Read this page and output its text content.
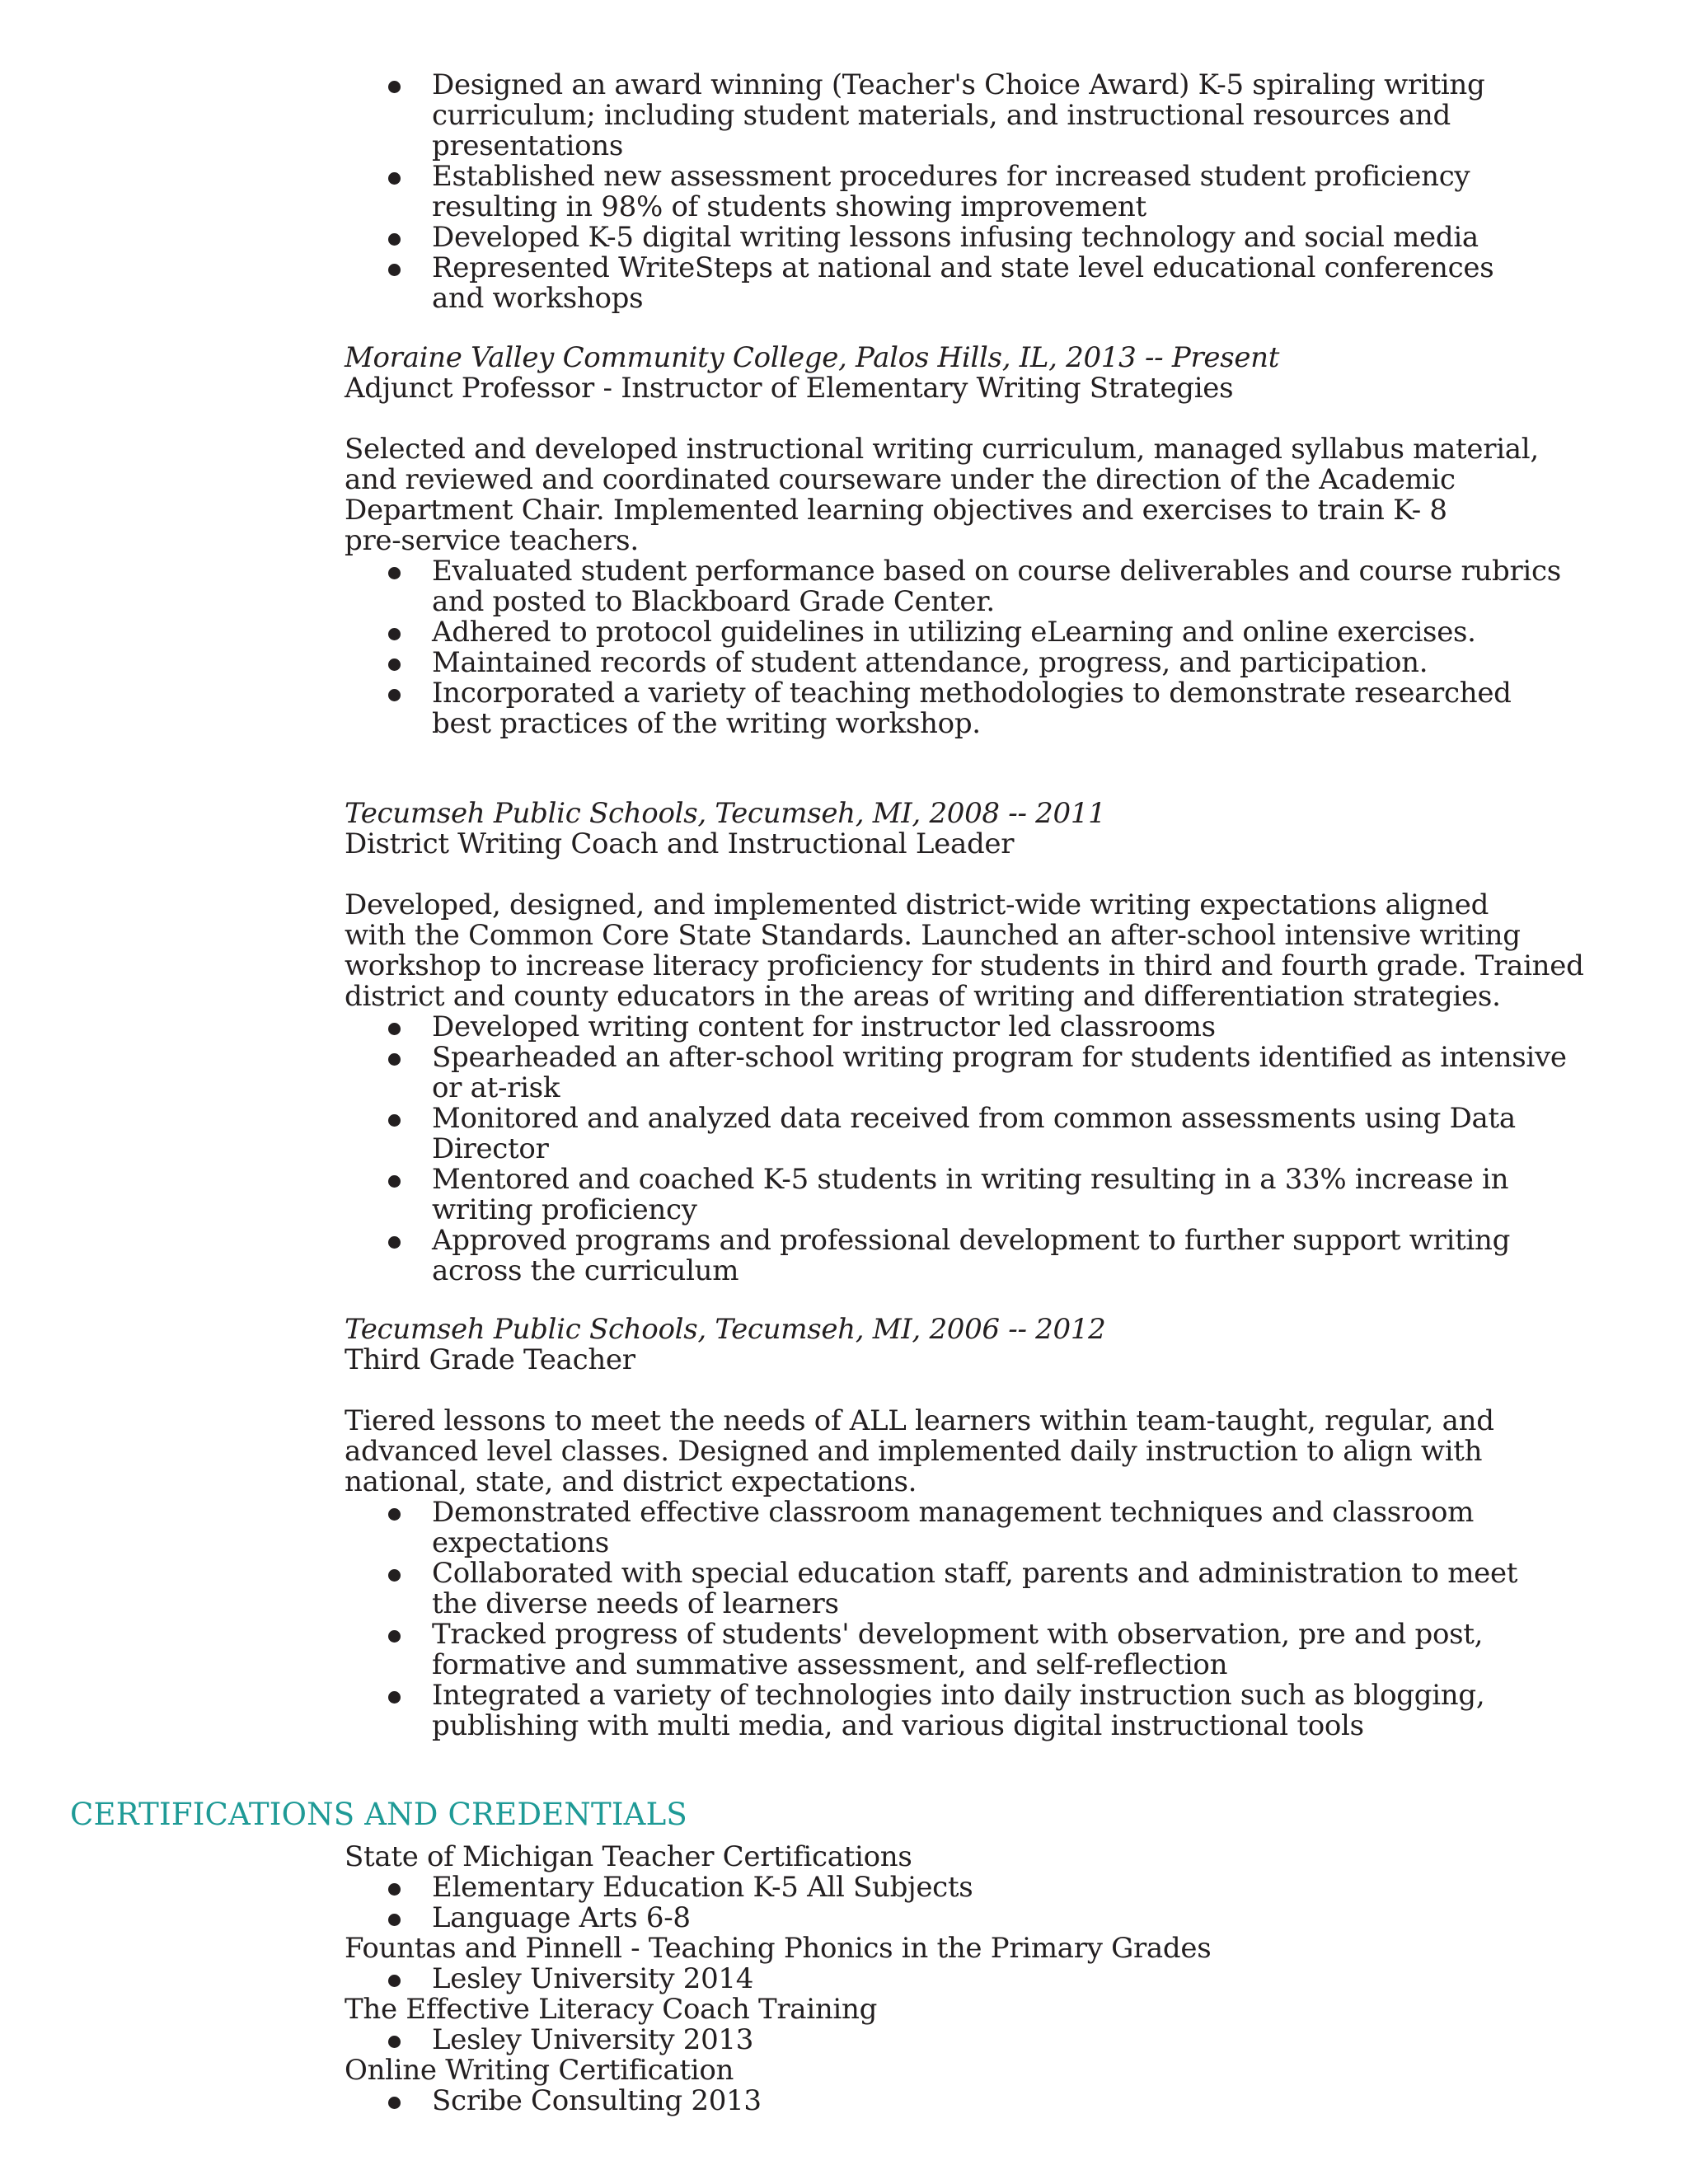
Designed an award winning (Teacher's Choice Award) K-5 spiraling writing
curriculum; including student materials, and instructional resources and
presentations
Established new assessment procedures for increased student proficiency
resulting in 98% of students showing improvement
Developed K-5 digital writing lessons infusing technology and social media
Represented WriteSteps at national and state level educational conferences
and workshops
Moraine Valley Community College, Palos Hills, IL, 2013 -- Present
Adjunct Professor - Instructor of Elementary Writing Strategies
Selected and developed instructional writing curriculum, managed syllabus material,
and reviewed and coordinated courseware under the direction of the Academic
Department Chair. Implemented learning objectives and exercises to train K- 8
pre-service teachers.
Evaluated student performance based on course deliverables and course rubrics
and posted to Blackboard Grade Center.
Adhered to protocol guidelines in utilizing eLearning and online exercises.
Maintained records of student attendance, progress, and participation.
Incorporated a variety of teaching methodologies to demonstrate researched
best practices of the writing workshop.
Tecumseh Public Schools, Tecumseh, MI, 2008 -- 2011
District Writing Coach and Instructional Leader
Developed, designed, and implemented district-wide writing expectations aligned
with the Common Core State Standards. Launched an after-school intensive writing
workshop to increase literacy proficiency for students in third and fourth grade. Trained
district and county educators in the areas of writing and differentiation strategies.
Developed writing content for instructor led classrooms
Spearheaded an after-school writing program for students identified as intensive
or at-risk
Monitored and analyzed data received from common assessments using Data
Director
Mentored and coached K-5 students in writing resulting in a 33% increase in
writing proficiency
Approved programs and professional development to further support writing
across the curriculum
Tecumseh Public Schools, Tecumseh, MI, 2006 -- 2012
Third Grade Teacher
Tiered lessons to meet the needs of ALL learners within team-taught, regular, and
advanced level classes. Designed and implemented daily instruction to align with
national, state, and district expectations.
Demonstrated effective classroom management techniques and classroom
expectations
Collaborated with special education staff, parents and administration to meet
the diverse needs of learners
Tracked progress of students' development with observation, pre and post,
formative and summative assessment, and self-reflection
Integrated a variety of technologies into daily instruction such as blogging,
publishing with multi media, and various digital instructional tools
CERTIFICATIONS AND CREDENTIALS
State of Michigan Teacher Certifications
Elementary Education K-5 All Subjects
Language Arts 6-8
Fountas and Pinnell - Teaching Phonics in the Primary Grades
Lesley University 2014
The Effective Literacy Coach Training
Lesley University 2013
Online Writing Certification
Scribe Consulting 2013
